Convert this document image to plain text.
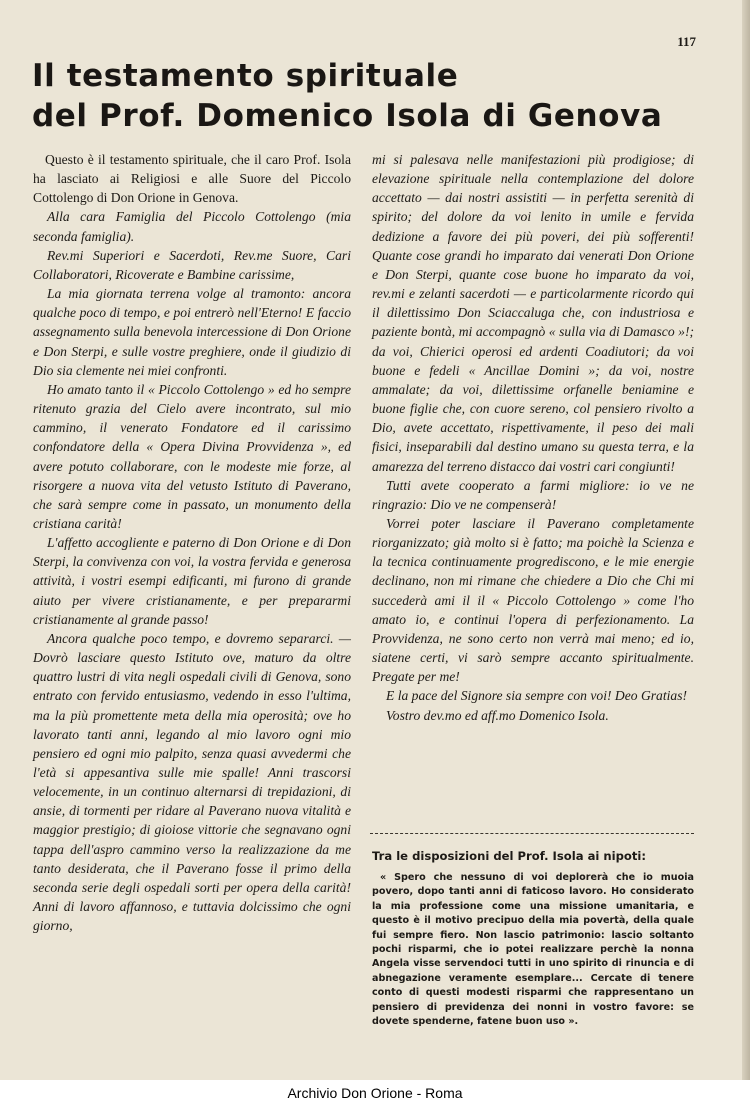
117
Il testamento spirituale
del Prof. Domenico Isola di Genova

Questo è il testamento spirituale, che il caro Prof. Isola ha lasciato ai Religiosi e alle Suore del Piccolo Cottolengo di Don Orione in Genova.

Alla cara Famiglia del Piccolo Cottolengo (mia seconda famiglia).

Rev.mi Superiori e Sacerdoti, Rev.me Suore, Cari Collaboratori, Ricoverate e Bambine carissime,

La mia giornata terrena volge al tramonto: ancora qualche poco di tempo, e poi entrerò nell'Eterno! E faccio assegnamento sulla benevola intercessione di Don Orione e Don Sterpi, e sulle vostre preghiere, onde il giudizio di Dio sia clemente nei miei confronti.

Ho amato tanto il « Piccolo Cottolengo » ed ho sempre ritenuto grazia del Cielo avere incontrato, sul mio cammino, il venerato Fondatore ed il carissimo confondatore della « Opera Divina Provvidenza », ed avere potuto collaborare, con le modeste mie forze, al risorgere a nuova vita del vetusto Istituto di Paverano, che sarà sempre come in passato, un monumento della cristiana carità!

L'affetto accogliente e paterno di Don Orione e di Don Sterpi, la convivenza con voi, la vostra fervida e generosa attività, i vostri esempi edificanti, mi furono di grande aiuto per vivere cristianamente, e per prepararmi cristianamente al grande passo!

Ancora qualche poco tempo, e dovremo separarci. — Dovrò lasciare questo Istituto ove, maturo da oltre quattro lustri di vita negli ospedali civili di Genova, sono entrato con fervido entusiasmo, vedendo in esso l'ultima, ma la più promettente meta della mia operosità; ove ho lavorato tanti anni, legando al mio lavoro ogni mio pensiero ed ogni mio palpito, senza quasi avvedermi che l'età si appesantiva sulle mie spalle! Anni trascorsi velocemente, in un continuo alternarsi di trepidazioni, di ansie, di tormenti per ridare al Paverano nuova vitalità e maggior prestigio; di gioiose vittorie che segnavano ogni tappa dell'aspro cammino verso la realizzazione da me tanto desiderata, che il Paverano fosse il primo della seconda serie degli ospedali sorti per opera della carità! Anni di lavoro affannoso, e tuttavia dolcissimo che ogni giorno,

mi si palesava nelle manifestazioni più prodigiose; di elevazione spirituale nella contemplazione del dolore accettato — dai nostri assistiti — in perfetta serenità di spirito; del dolore da voi lenito in umile e fervida dedizione a favore dei più poveri, dei più sofferenti! Quante cose grandi ho imparato dai venerati Don Orione e Don Sterpi, quante cose buone ho imparato da voi, rev.mi e zelanti sacerdoti — e particolarmente ricordo qui il dilettissimo Don Sciaccaluga che, con industriosa e paziente bontà, mi accompagnò « sulla via di Damasco »!; da voi, Chierici operosi ed ardenti Coadiutori; da voi buone e fedeli « Ancillae Domini »; da voi, nostre ammalate; da voi, dilettissime orfanelle beniamine e buone figlie che, con cuore sereno, col pensiero rivolto a Dio, avete accettato, rispettivamente, il peso dei mali fisici, inseparabili dal destino umano su questa terra, e la amarezza del terreno distacco dai vostri cari congiunti!

Tutti avete cooperato a farmi migliore: io ve ne ringrazio: Dio ve ne compenserà!

Vorrei poter lasciare il Paverano completamente riorganizzato; già molto si è fatto; ma poichè la Scienza e la tecnica continuamente progrediscono, e le mie energie declinano, non mi rimane che chiedere a Dio che Chi mi succederà ami il il « Piccolo Cottolengo » come l'ho amato io, e continui l'opera di perfezionamento. La Provvidenza, ne sono certo non verrà mai meno; ed io, siatene certi, vi sarò sempre accanto spiritualmente. Pregate per me!

E la pace del Signore sia sempre con voi! Deo Gratias!

Vostro dev.mo ed aff.mo Domenico Isola.

Tra le disposizioni del Prof. Isola ai nipoti:
« Spero che nessuno di voi deplorerà che io muoia povero, dopo tanti anni di faticoso lavoro. Ho considerato la mia professione come una missione umanitaria, e questo è il motivo precipuo della mia povertà, della quale fui sempre fiero. Non lascio patrimonio: lascio soltanto pochi risparmi, che io potei realizzare perchè la nonna Angela visse servendoci tutti in uno spirito di rinuncia e di abnegazione veramente esemplare... Cercate di tenere conto di questi modesti risparmi che rappresentano un pensiero di previdenza dei nonni in vostro favore: se dovete spenderne, fatene buon uso ».
Archivio Don Orione - Roma
